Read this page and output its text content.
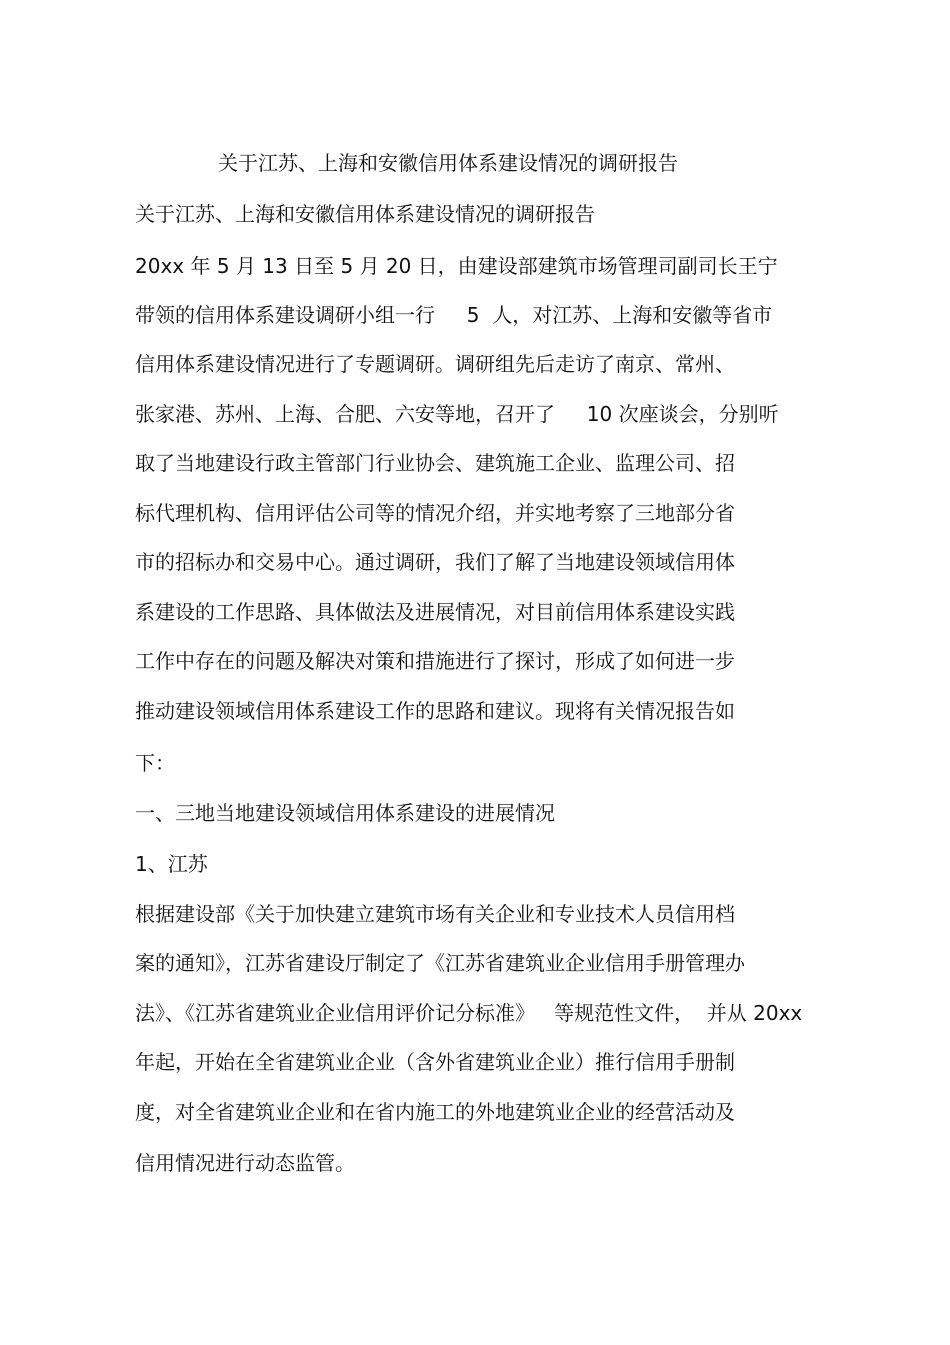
关于江苏、上海和安徽信用体系建设情况的调研报告
关于江苏、上海和安徽信用体系建设情况的调研报告
20xx 年 5 月 13 日至 5 月 20 日，由建设部建筑市场管理司副司长王宁
带领的信用体系建设调研小组一行     5  人，对江苏、上海和安徽等省市
信用体系建设情况进行了专题调研。调研组先后走访了南京、常州、
张家港、苏州、上海、合肥、六安等地，召开了     10 次座谈会，分别听
取了当地建设行政主管部门行业协会、建筑施工企业、监理公司、招
标代理机构、信用评估公司等的情况介绍，并实地考察了三地部分省
市的招标办和交易中心。通过调研，我们了解了当地建设领域信用体
系建设的工作思路、具体做法及进展情况，对目前信用体系建设实践
工作中存在的问题及解决对策和措施进行了探讨，形成了如何进一步
推动建设领域信用体系建设工作的思路和建议。现将有关情况报告如
下：
一、三地当地建设领域信用体系建设的进展情况
1、江苏
根据建设部《关于加快建立建筑市场有关企业和专业技术人员信用档
案的通知》，江苏省建设厅制定了《江苏省建筑业企业信用手册管理办
法》、《江苏省建筑业企业信用评价记分标准》   等规范性文件，  并从 20xx
年起，开始在全省建筑业企业（含外省建筑业企业）推行信用手册制
度，对全省建筑业企业和在省内施工的外地建筑业企业的经营活动及
信用情况进行动态监管。
